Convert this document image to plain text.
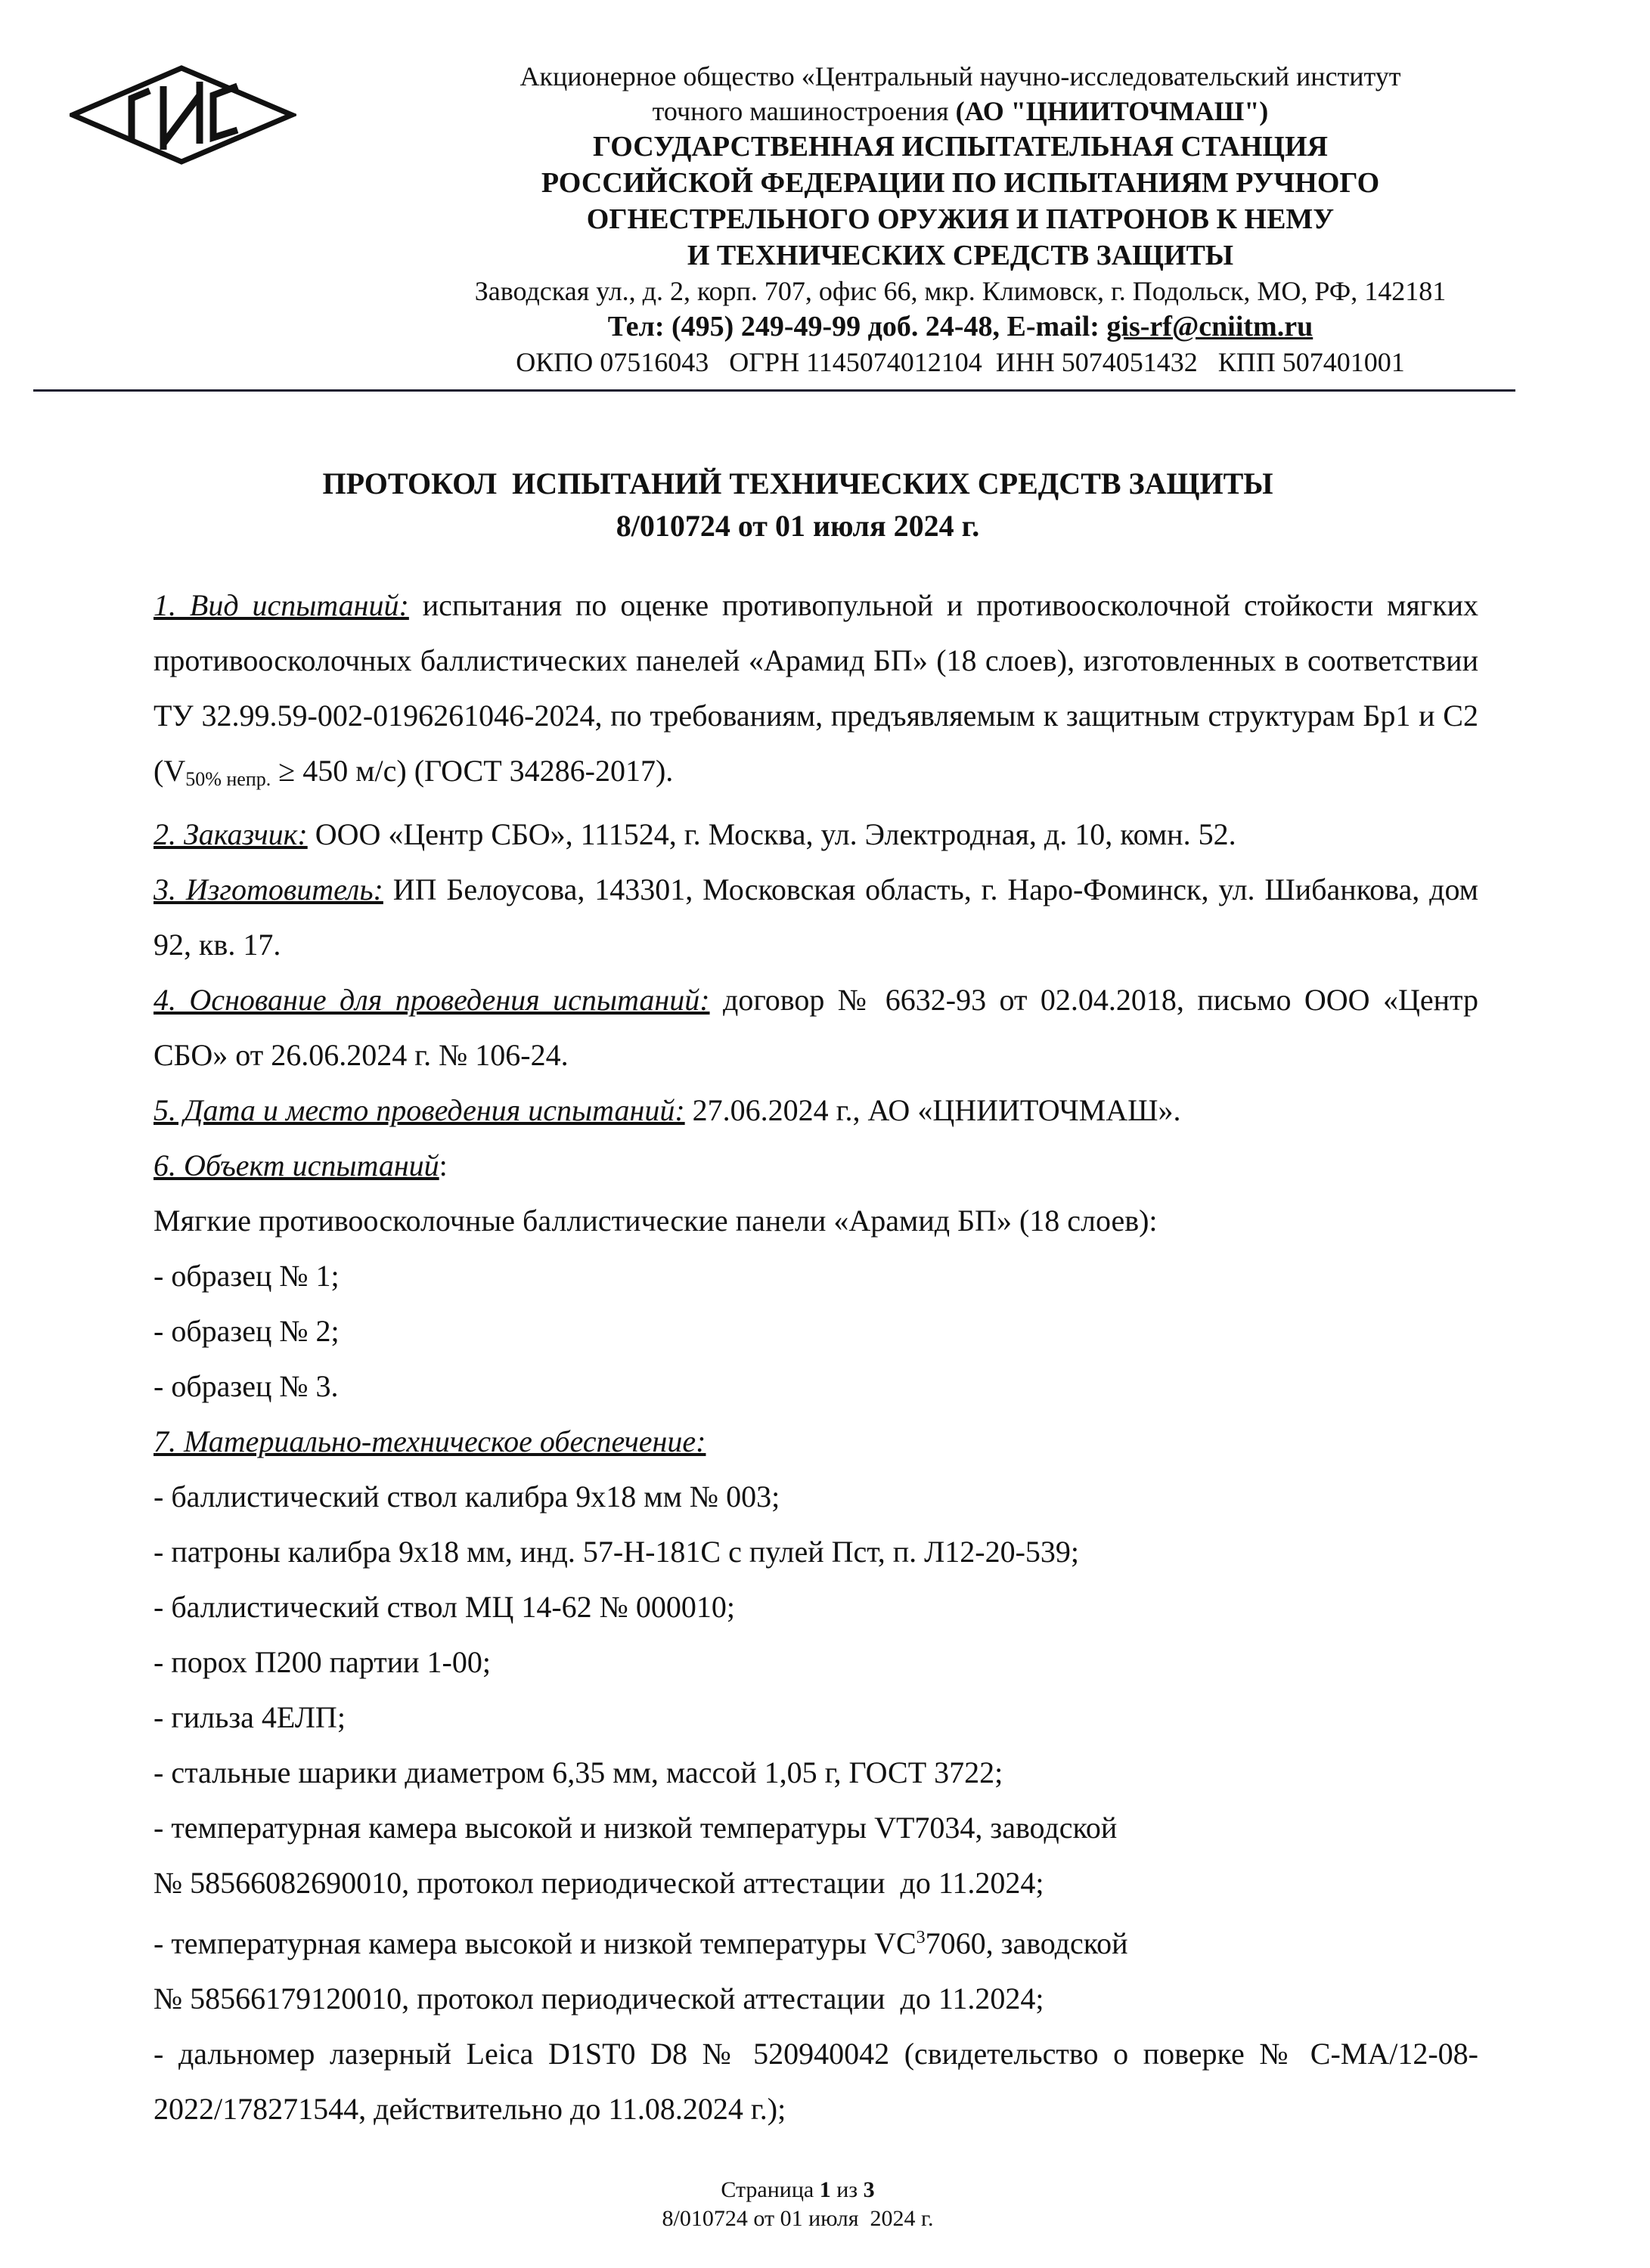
Акционерное общество «Центральный научно-исследовательский институт
точного машиностроения (АО "ЦНИИТОЧМАШ")
ГОСУДАРСТВЕННАЯ ИСПЫТАТЕЛЬНАЯ СТАНЦИЯ
РОССИЙСКОЙ ФЕДЕРАЦИИ ПО ИСПЫТАНИЯМ РУЧНОГО
ОГНЕСТРЕЛЬНОГО ОРУЖИЯ И ПАТРОНОВ К НЕМУ
И ТЕХНИЧЕСКИХ СРЕДСТВ ЗАЩИТЫ
Заводская ул., д. 2, корп. 707, офис 66, мкр. Климовск, г. Подольск, МО, РФ, 142181
Тел: (495) 249-49-99 доб. 24-48, E-mail: gis-rf@cniitm.ru
ОКПО 07516043   ОГРН 1145074012104  ИНН 5074051432   КПП 507401001
ПРОТОКОЛ  ИСПЫТАНИЙ ТЕХНИЧЕСКИХ СРЕДСТВ ЗАЩИТЫ
8/010724 от 01 июля 2024 г.

1. Вид испытаний: испытания по оценке противопульной и противоосколочной стойкости мягких противоосколочных баллистических панелей «Арамид БП» (18 слоев), изготовленных в соответствии ТУ 32.99.59-002-0196261046-2024, по требованиям, предъявляемым к защитным структурам Бр1 и С2 ($V_{50\% непр.} \ge 450$ м/с) (ГОСТ 34286-2017).

2. Заказчик: ООО «Центр СБО», 111524, г. Москва, ул. Электродная, д. 10, комн. 52.

3. Изготовитель: ИП Белоусова, 143301, Московская область, г. Наро-Фоминск, ул. Шибанкова, дом 92, кв. 17.

4. Основание для проведения испытаний: договор № 6632-93 от 02.04.2018, письмо ООО «Центр СБО» от 26.06.2024 г. № 106-24.

5. Дата и место проведения испытаний: 27.06.2024 г., АО «ЦНИИТОЧМАШ».

6. Объект испытаний:

Мягкие противоосколочные баллистические панели «Арамид БП» (18 слоев):

- образец № 1;

- образец № 2;

- образец № 3.

7. Материально-техническое обеспечение:

- баллистический ствол калибра 9х18 мм № 003;

- патроны калибра 9х18 мм, инд. 57-Н-181С с пулей Пст, п. Л12-20-539;

- баллистический ствол МЦ 14-62 № 000010;

- порох П200 партии 1-00;

- гильза 4ЕЛП;

- стальные шарики диаметром 6,35 мм, массой 1,05 г, ГОСТ 3722;

- температурная камера высокой и низкой температуры VT7034, заводской

№ 58566082690010, протокол периодической аттестации  до 11.2024;

- температурная камера высокой и низкой температуры $VC^37060$, заводской

№ 58566179120010, протокол периодической аттестации  до 11.2024;

- дальномер лазерный Leica D1ST0 D8 № 520940042 (свидетельство о поверке № С-МА/12-08-2022/178271544, действительно до 11.08.2024 г.);

Страница 1 из 3
8/010724 от 01 июля  2024 г.
